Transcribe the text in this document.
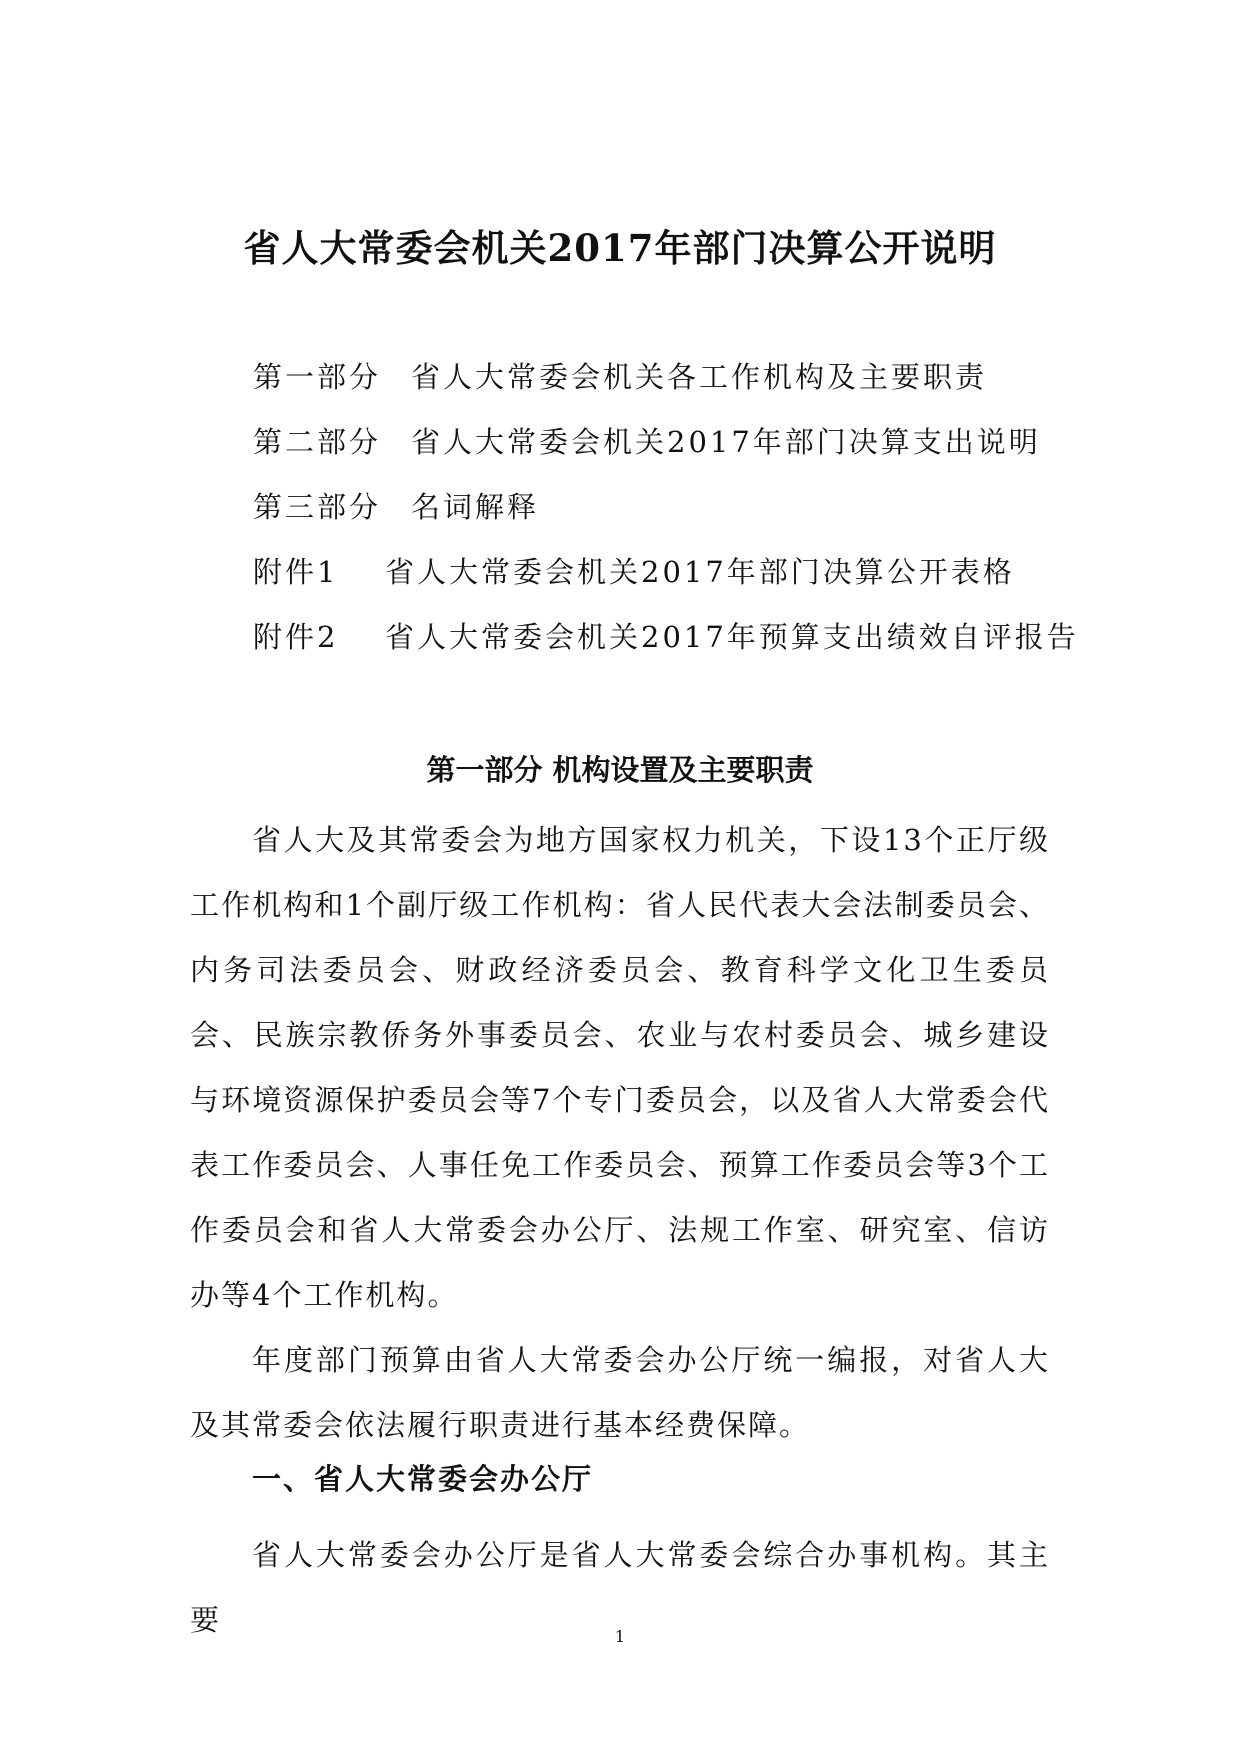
省人大常委会机关2017年部门决算公开说明
第一部分 省人大常委会机关各工作机构及主要职责
第二部分 省人大常委会机关2017年部门决算支出说明
第三部分 名词解释
附件1 省人大常委会机关2017年部门决算公开表格
附件2 省人大常委会机关2017年预算支出绩效自评报告
第一部分 机构设置及主要职责

省人大及其常委会为地方国家权力机关，下设13个正厅级工作机构和1个副厅级工作机构：省人民代表大会法制委员会、内务司法委员会、财政经济委员会、教育科学文化卫生委员会、民族宗教侨务外事委员会、农业与农村委员会、城乡建设与环境资源保护委员会等7个专门委员会，以及省人大常委会代表工作委员会、人事任免工作委员会、预算工作委员会等3个工作委员会和省人大常委会办公厅、法规工作室、研究室、信访办等4个工作机构。

年度部门预算由省人大常委会办公厅统一编报，对省人大及其常委会依法履行职责进行基本经费保障。

一、省人大常委会办公厅

省人大常委会办公厅是省人大常委会综合办事机构。其主要	1
